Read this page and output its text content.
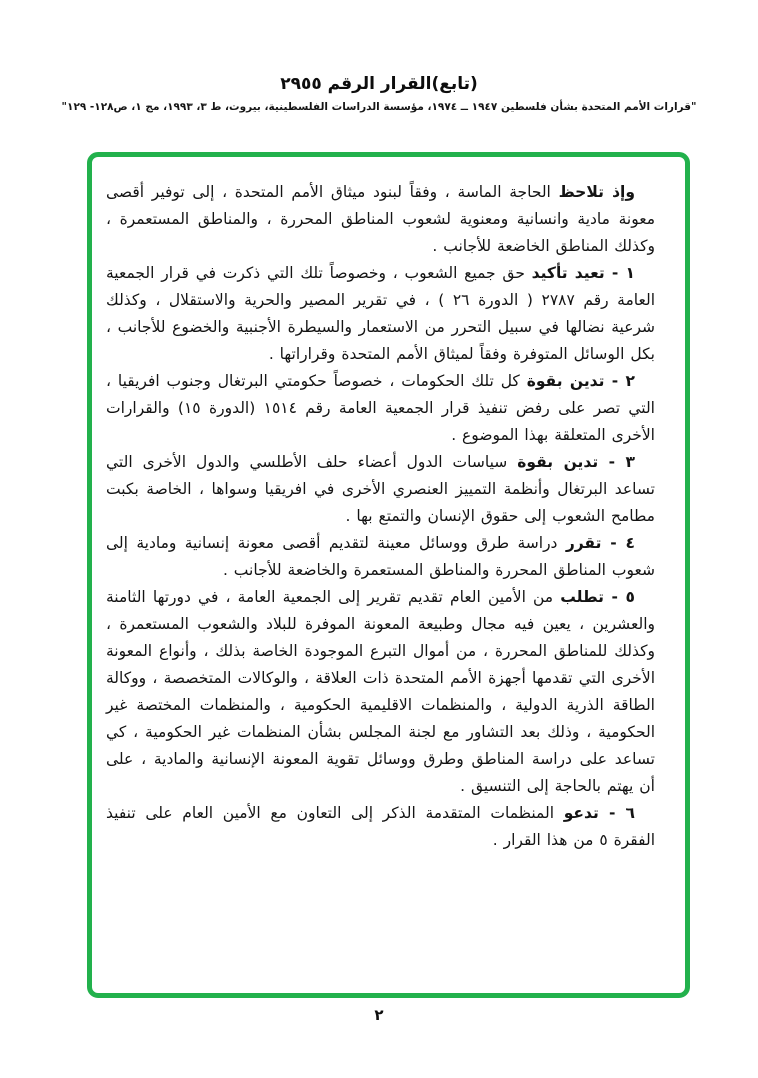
(تابع)القرار الرقم ٢٩٥٥
"قرارات الأمم المتحدة بشأن فلسطين ١٩٤٧ ــ ١٩٧٤، مؤسسة الدراسات الفلسطينية، بيروت، ط ٣، ١٩٩٣، مج ١، ص١٢٨- ١٢٩"

وإذ تلاحظ الحاجة الماسة ، وفقاً لبنود ميثاق الأمم المتحدة ، إلى توفير أقصى معونة مادية وانسانية ومعنوية لشعوب المناطق المحررة ، والمناطق المستعمرة ، وكذلك المناطق الخاضعة للأجانب .

١ - تعيد تأكيد حق جميع الشعوب ، وخصوصاً تلك التي ذكرت في قرار الجمعية العامة رقم ٢٧٨٧ ( الدورة ٢٦ ) ، في تقرير المصير والحرية والاستقلال ، وكذلك شرعية نضالها في سبيل التحرر من الاستعمار والسيطرة الأجنبية والخضوع للأجانب ، بكل الوسائل المتوفرة وفقاً لميثاق الأمم المتحدة وقراراتها .

٢ - تدين بقوة كل تلك الحكومات ، خصوصاً حكومتي البرتغال وجنوب افريقيا ، التي تصر على رفض تنفيذ قرار الجمعية العامة رقم ١٥١٤ (الدورة ١٥) والقرارات الأخرى المتعلقة بهذا الموضوع .

٣ - تدين بقوة سياسات الدول أعضاء حلف الأطلسي والدول الأخرى التي تساعد البرتغال وأنظمة التمييز العنصري الأخرى في افريقيا وسواها ، الخاصة بكبت مطامح الشعوب إلى حقوق الإنسان والتمتع بها .

٤ - تقرر دراسة طرق ووسائل معينة لتقديم أقصى معونة إنسانية ومادية إلى شعوب المناطق المحررة والمناطق المستعمرة والخاضعة للأجانب .

٥ - تطلب من الأمين العام تقديم تقرير إلى الجمعية العامة ، في دورتها الثامنة والعشرين ، يعين فيه مجال وطبيعة المعونة الموفرة للبلاد والشعوب المستعمرة ، وكذلك للمناطق المحررة ، من أموال التبرع الموجودة الخاصة بذلك ، وأنواع المعونة الأخرى التي تقدمها أجهزة الأمم المتحدة ذات العلاقة ، والوكالات المتخصصة ، ووكالة الطاقة الذرية الدولية ، والمنظمات الاقليمية الحكومية ، والمنظمات المختصة غير الحكومية ، وذلك بعد التشاور مع لجنة المجلس بشأن المنظمات غير الحكومية ، كي تساعد على دراسة المناطق وطرق ووسائل تقوية المعونة الإنسانية والمادية ، على أن يهتم بالحاجة إلى التنسيق .

٦ - تدعو المنظمات المتقدمة الذكر إلى التعاون مع الأمين العام على تنفيذ الفقرة ٥ من هذا القرار .

٢
